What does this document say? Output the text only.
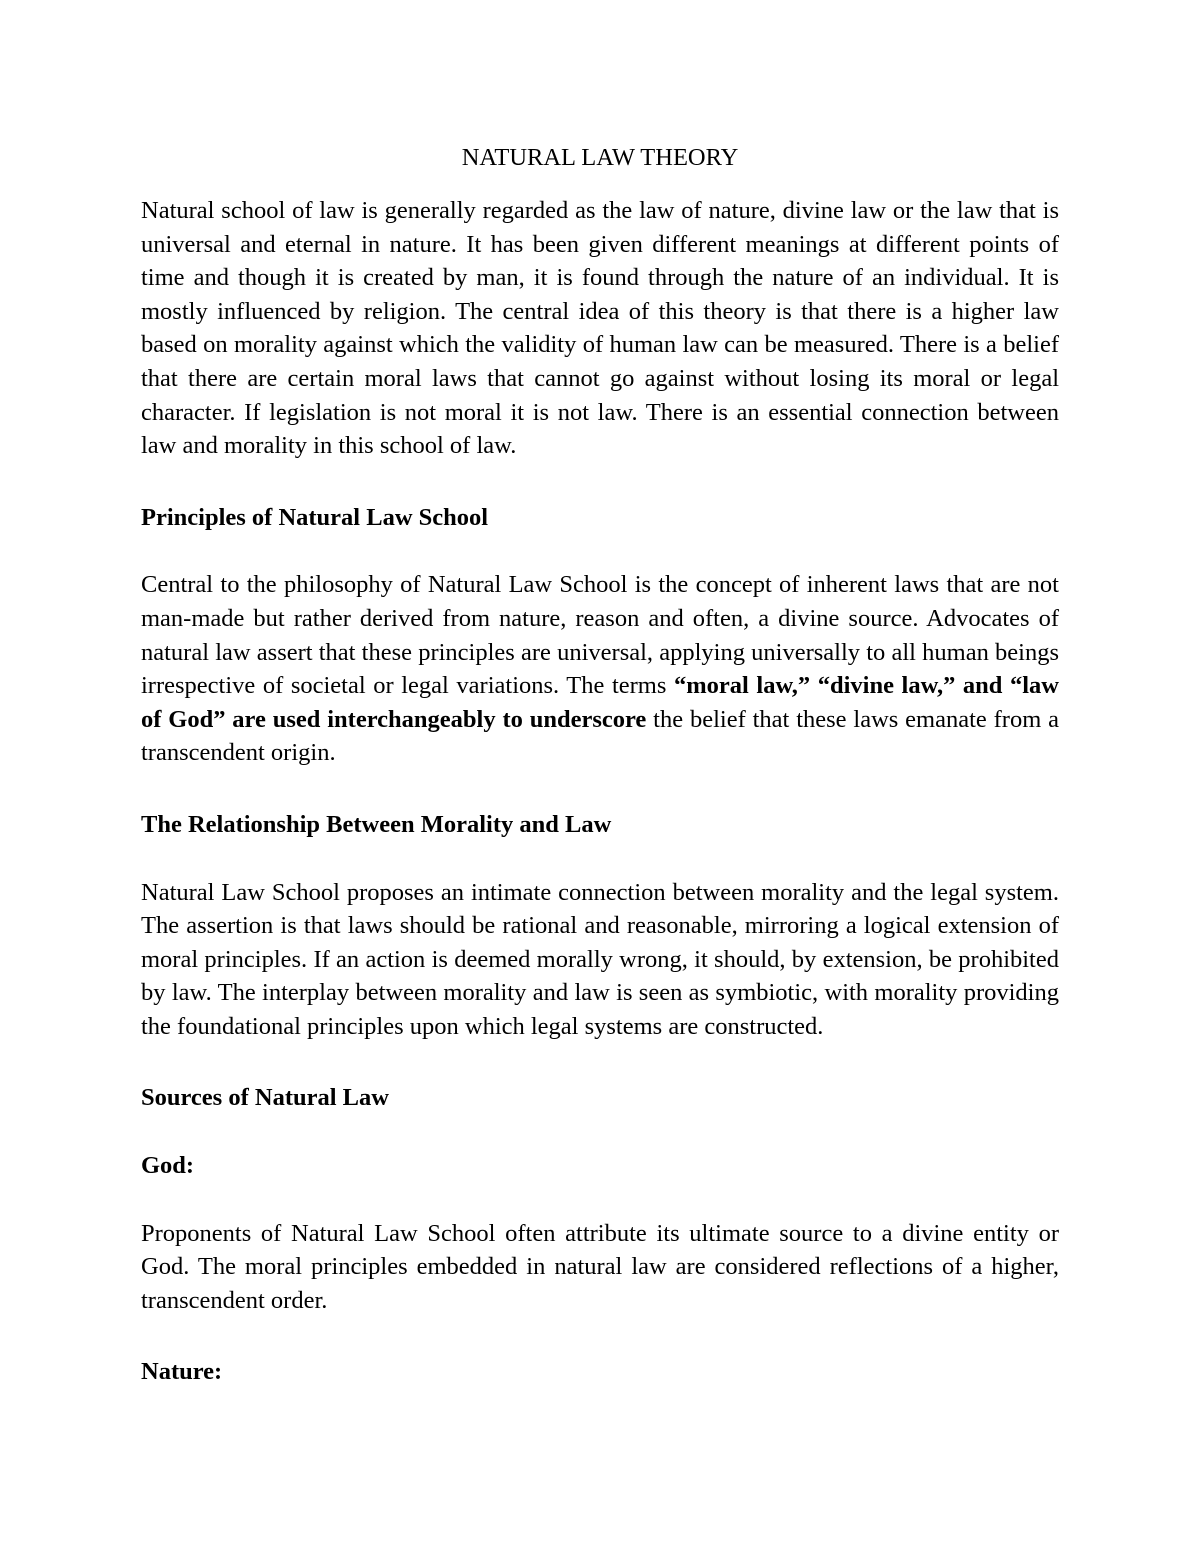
NATURAL LAW THEORY

Natural school of law is generally regarded as the law of nature, divine law or the law that is universal and eternal in nature. It has been given different meanings at different points of time and though it is created by man, it is found through the nature of an individual. It is mostly influenced by religion. The central idea of this theory is that there is a higher law based on morality against which the validity of human law can be measured. There is a belief that there are certain moral laws that cannot go against without losing its moral or legal character. If legislation is not moral it is not law. There is an essential connection between law and morality in this school of law.

Principles of Natural Law School

Central to the philosophy of Natural Law School is the concept of inherent laws that are not man-made but rather derived from nature, reason and often, a divine source. Advocates of natural law assert that these principles are universal, applying universally to all human beings irrespective of societal or legal variations. The terms “moral law,” “divine law,” and “law of God” are used interchangeably to underscore the belief that these laws emanate from a transcendent origin.

The Relationship Between Morality and Law

Natural Law School proposes an intimate connection between morality and the legal system. The assertion is that laws should be rational and reasonable, mirroring a logical extension of moral principles. If an action is deemed morally wrong, it should, by extension, be prohibited by law. The interplay between morality and law is seen as symbiotic, with morality providing the foundational principles upon which legal systems are constructed.

Sources of Natural Law
God:

Proponents of Natural Law School often attribute its ultimate source to a divine entity or God. The moral principles embedded in natural law are considered reflections of a higher, transcendent order.

Nature:
